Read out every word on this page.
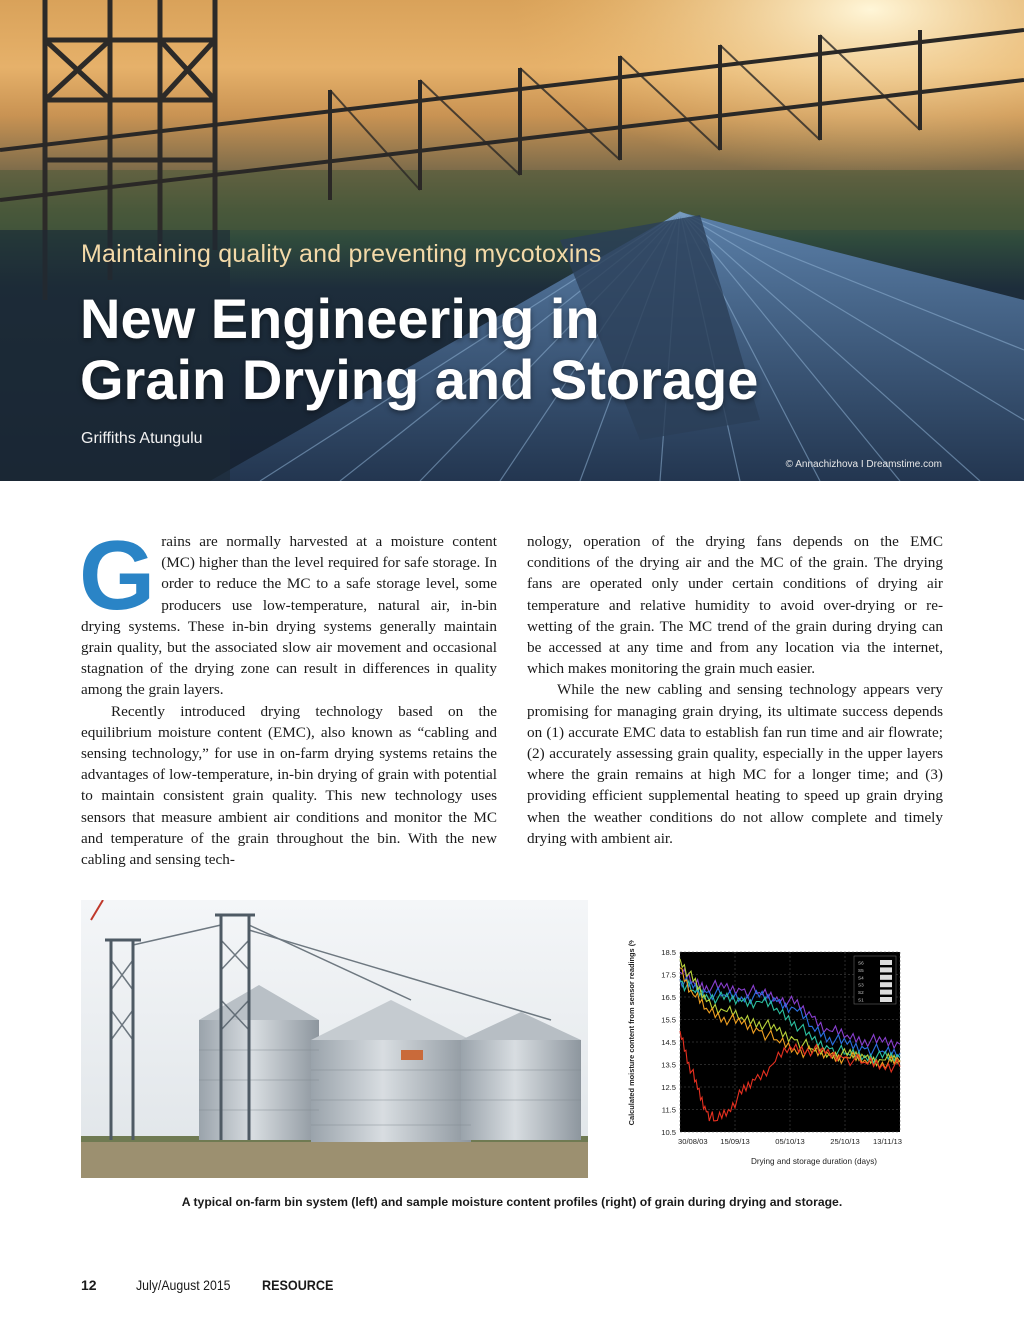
Maintaining quality and preventing mycotoxins
New Engineering in
Grain Drying and Storage
Griffiths Atungulu
© Annachizhova I Dreamstime.com

Grains are normally harvested at a moisture content (MC) higher than the level required for safe storage. In order to reduce the MC to a safe storage level, some producers use low-temperature, natural air, in-bin drying systems. These in-bin drying systems generally maintain grain quality, but the associated slow air movement and occasional stagnation of the drying zone can result in differences in quality among the grain layers.

Recently introduced drying technology based on the equilibrium moisture content (EMC), also known as “cabling and sensing technology,” for use in on-farm drying systems retains the advantages of low-temperature, in-bin drying of grain with potential to maintain consistent grain quality. This new technology uses sensors that measure ambient air conditions and monitor the MC and temperature of the grain throughout the bin. With the new cabling and sensing tech-

nology, operation of the drying fans depends on the EMC conditions of the drying air and the MC of the grain. The drying fans are operated only under certain conditions of drying air temperature and relative humidity to avoid over-drying or re-wetting of the grain. The MC trend of the grain during drying can be accessed at any time and from any location via the internet, which makes monitoring the grain much easier.

While the new cabling and sensing technology appears very promising for managing grain drying, its ultimate success depends on (1) accurate EMC data to establish fan run time and air flowrate; (2) accurately assessing grain quality, especially in the upper layers where the grain remains at high MC for a longer time; and (3) providing efficient supplemental heating to speed up grain drying when the weather conditions do not allow complete and timely drying with ambient air.

Calculated moisture content from sensor readings (% w.b.)	18.5
17.5
16.5
15.5
14.5
13.5
12.5
11.5
10.5
30/08/03 15/09/13	05/10/13	25/10/13 13/11/13
S6
S5
S4
S3
S2
S1
Drying and storage duration (days)
A typical on-farm bin system (left) and sample moisture content profiles (right) of grain during drying and storage.
12	July/August 2015 RESOURCE
